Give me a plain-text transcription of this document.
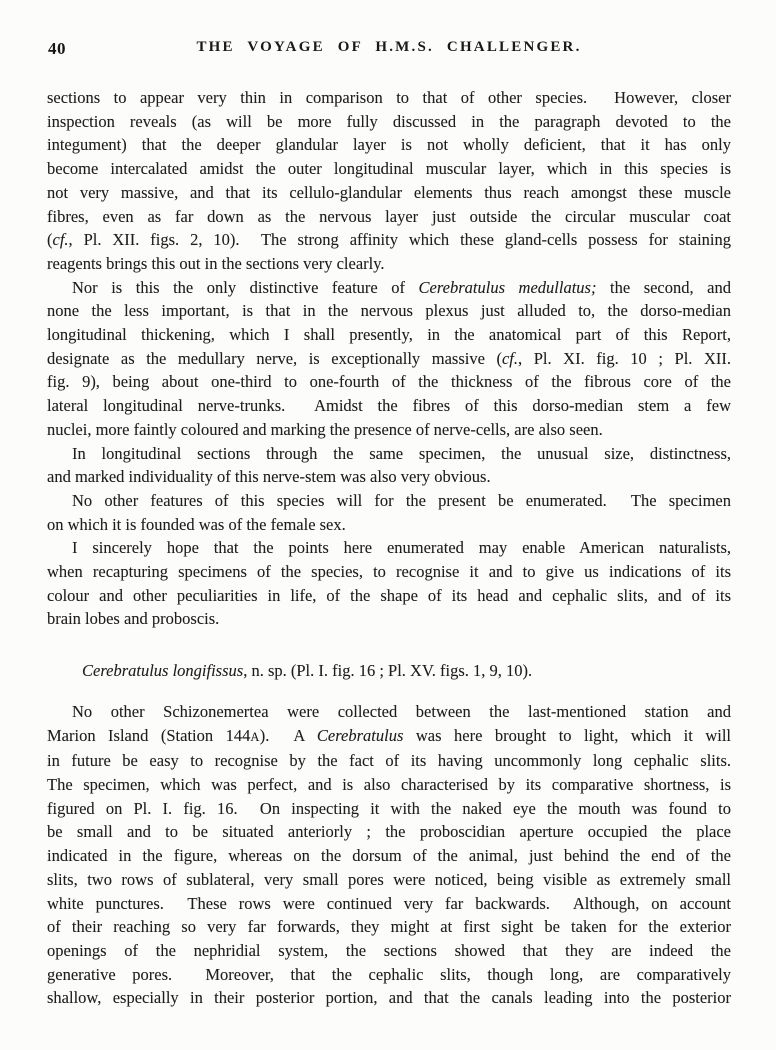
40	THE VOYAGE OF H.M.S. CHALLENGER.
sections to appear very thin in comparison to that of other species.  However, closer
inspection reveals (as will be more fully discussed in the paragraph devoted to the
integument) that the deeper glandular layer is not wholly deficient, that it has only
become intercalated amidst the outer longitudinal muscular layer, which in this species is
not very massive, and that its cellulo-glandular elements thus reach amongst these muscle
fibres, even as far down as the nervous layer just outside the circular muscular coat
(cf., Pl. XII. figs. 2, 10).  The strong affinity which these gland-cells possess for staining
reagents brings this out in the sections very clearly.
Nor is this the only distinctive feature of Cerebratulus medullatus; the second, and
none the less important, is that in the nervous plexus just alluded to, the dorso-median
longitudinal thickening, which I shall presently, in the anatomical part of this Report,
designate as the medullary nerve, is exceptionally massive (cf., Pl. XI. fig. 10 ; Pl. XII.
fig. 9), being about one-third to one-fourth of the thickness of the fibrous core of the
lateral longitudinal nerve-trunks.  Amidst the fibres of this dorso-median stem a few
nuclei, more faintly coloured and marking the presence of nerve-cells, are also seen.
In longitudinal sections through the same specimen, the unusual size, distinctness,
and marked individuality of this nerve-stem was also very obvious.
No other features of this species will for the present be enumerated.  The specimen
on which it is founded was of the female sex.
I sincerely hope that the points here enumerated may enable American naturalists,
when recapturing specimens of the species, to recognise it and to give us indications of its
colour and other peculiarities in life, of the shape of its head and cephalic slits, and of its
brain lobes and proboscis.
Cerebratulus longifissus, n. sp. (Pl. I. fig. 16 ; Pl. XV. figs. 1, 9, 10).
No other Schizonemertea were collected between the last-mentioned station and
Marion Island (Station 144A).  A Cerebratulus was here brought to light, which it will
in future be easy to recognise by the fact of its having uncommonly long cephalic slits.
The specimen, which was perfect, and is also characterised by its comparative shortness, is
figured on Pl. I. fig. 16.  On inspecting it with the naked eye the mouth was found to
be small and to be situated anteriorly ; the proboscidian aperture occupied the place
indicated in the figure, whereas on the dorsum of the animal, just behind the end of the
slits, two rows of sublateral, very small pores were noticed, being visible as extremely small
white punctures.  These rows were continued very far backwards.  Although, on account
of their reaching so very far forwards, they might at first sight be taken for the exterior
openings of the nephridial system, the sections showed that they are indeed the
generative pores.  Moreover, that the cephalic slits, though long, are comparatively
shallow, especially in their posterior portion, and that the canals leading into the posterior
